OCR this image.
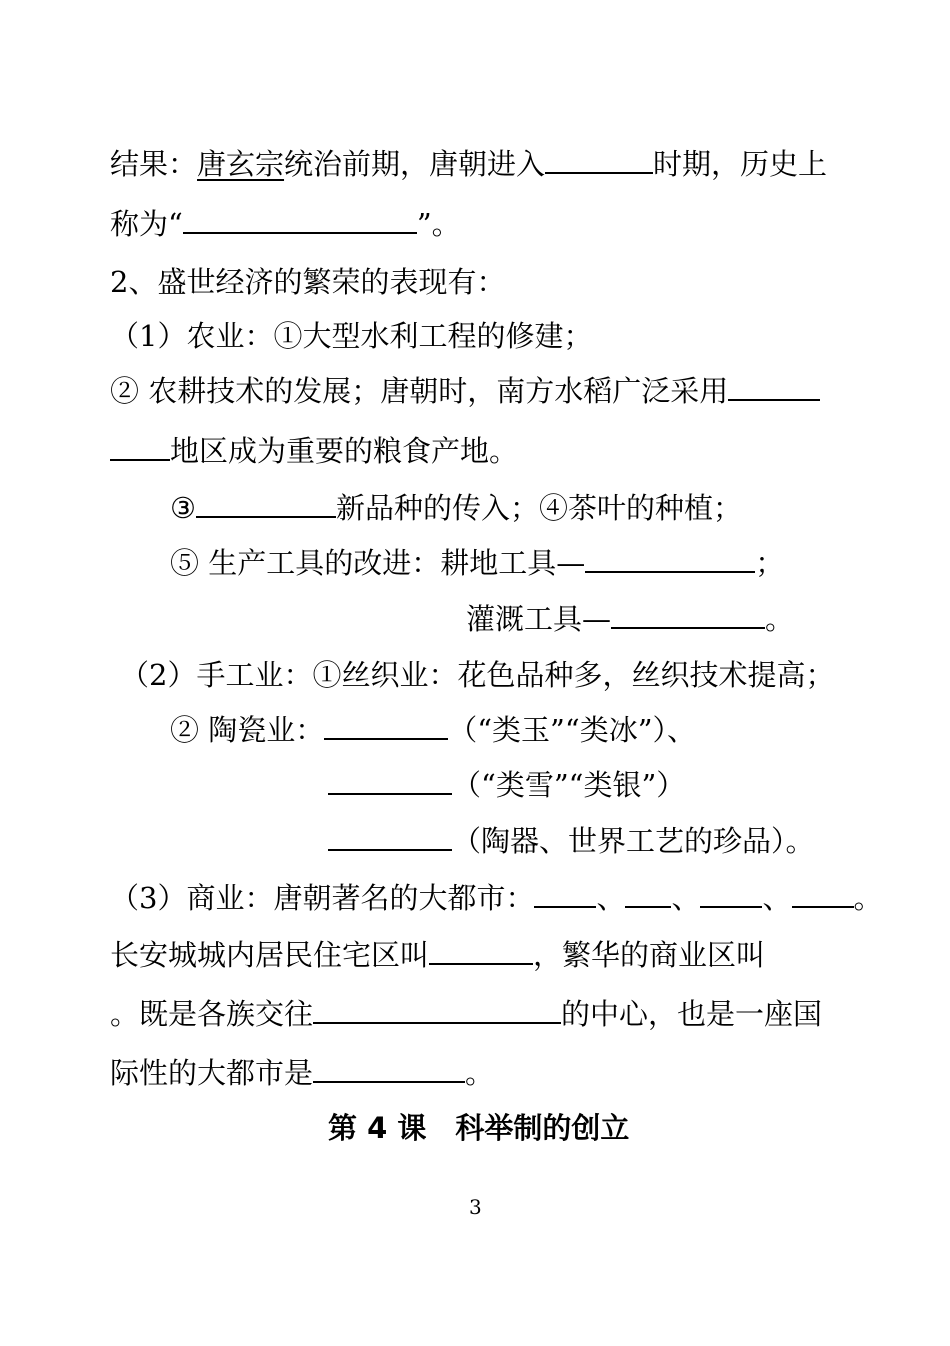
结果：唐玄宗统治前期，唐朝进入	时期，历史上
称为“	”。
2、盛世经济的繁荣的表现有：
（1）农业：①大型水利工程的修建；
② 农耕技术的发展；唐朝时，南方水稻广泛采用
地区成为重要的粮食产地。
③	新品种的传入；④茶叶的种植；
⑤ 生产工具的改进：耕地工具—	；
灌溉工具—	。
（2）手工业：①丝织业：花色品种多，丝织技术提高；
② 陶瓷业：	（“类玉”“类冰”）、
（“类雪”“类银”）
（陶器、世界工艺的珍品）。
（3）商业：唐朝著名的大都市： 、 、 、 。
长安城城内居民住宅区叫	，繁华的商业区叫
。既是各族交往	的中心，也是一座国
际性的大都市是	。
第 4 课　科举制的创立
3
